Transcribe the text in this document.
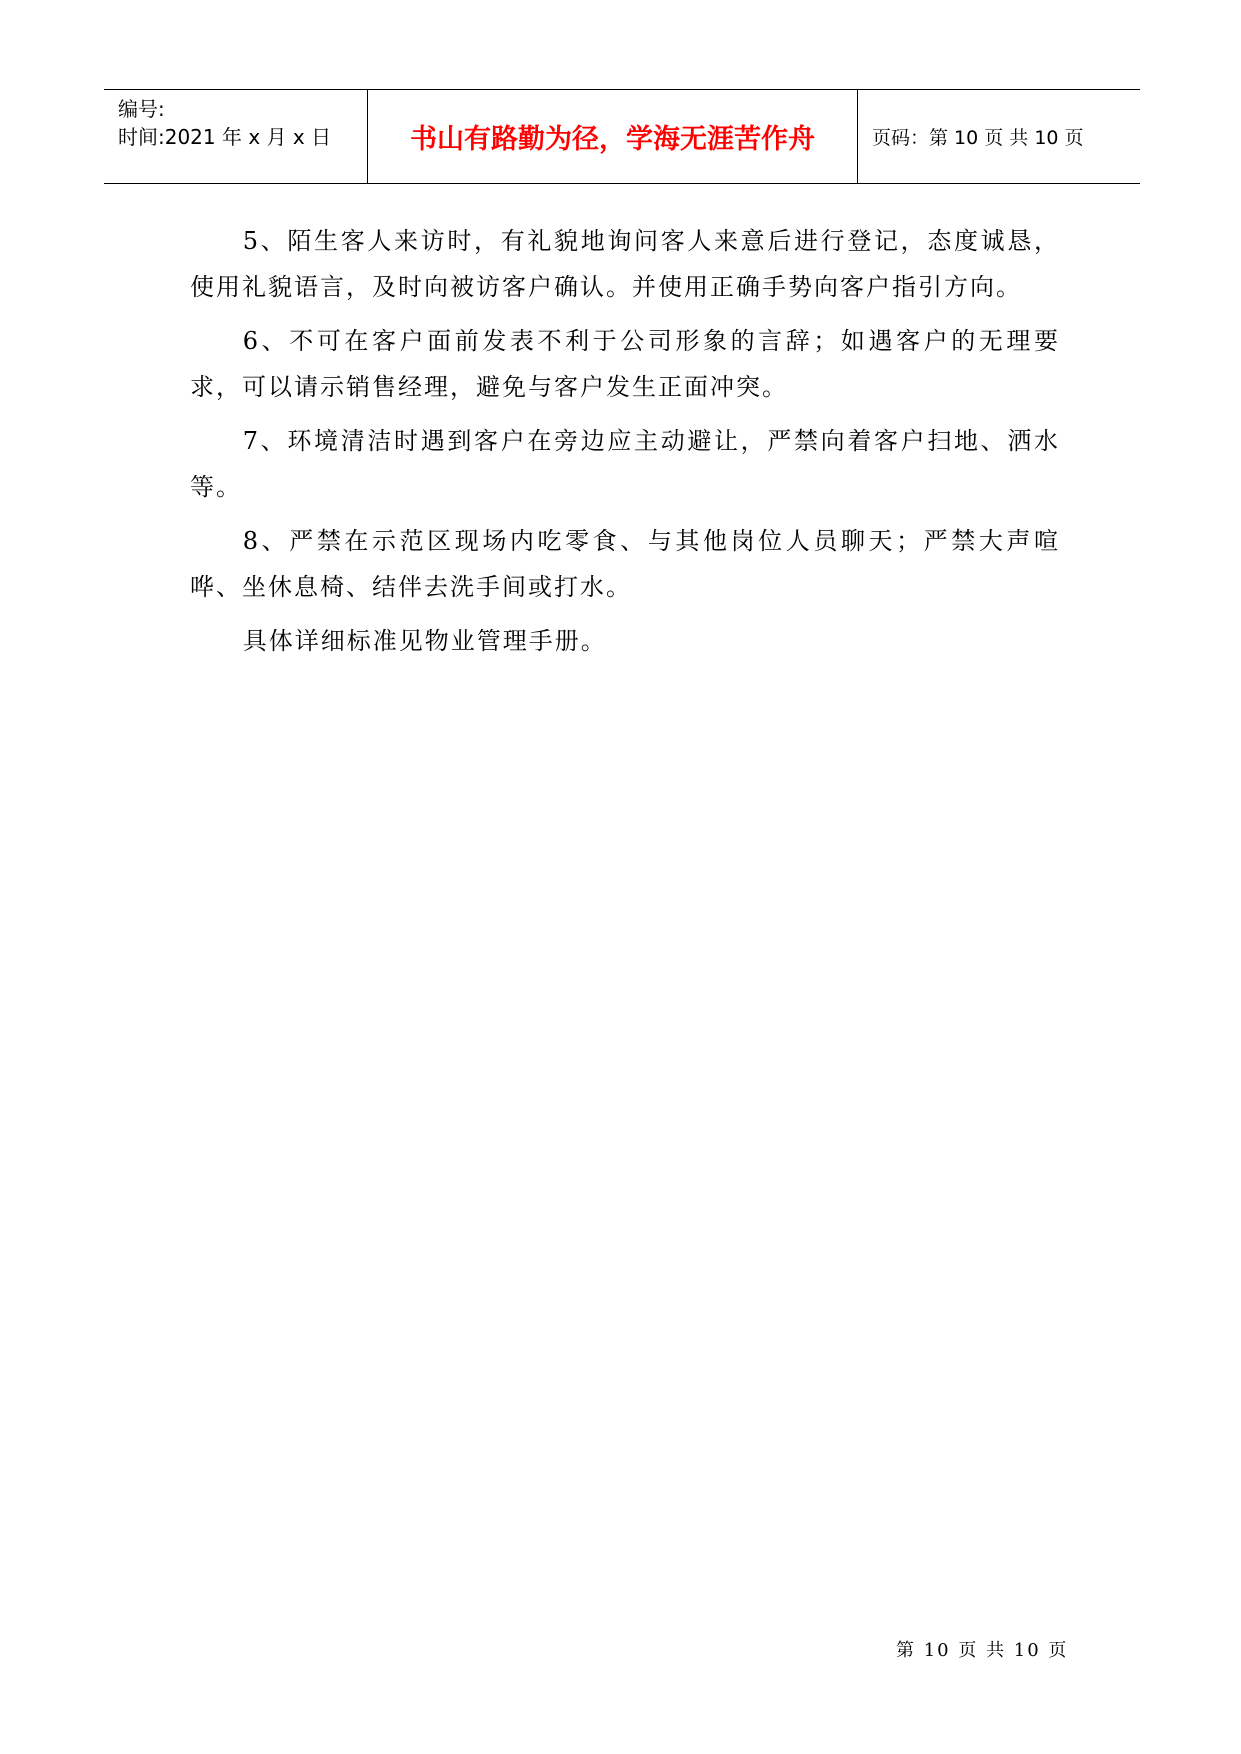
编号:
时间:2021 年 x 月 x 日	书山有路勤为径，学海无涯苦作舟	页码：第 10 页 共 10 页

5、陌生客人来访时，有礼貌地询问客人来意后进行登记，态度诚恳，使用礼貌语言，及时向被访客户确认。并使用正确手势向客户指引方向。

6、不可在客户面前发表不利于公司形象的言辞；如遇客户的无理要求，可以请示销售经理，避免与客户发生正面冲突。

7、环境清洁时遇到客户在旁边应主动避让，严禁向着客户扫地、洒水等。

8、严禁在示范区现场内吃零食、与其他岗位人员聊天；严禁大声喧哗、坐休息椅、结伴去洗手间或打水。

具体详细标准见物业管理手册。

第 10 页 共 10 页
